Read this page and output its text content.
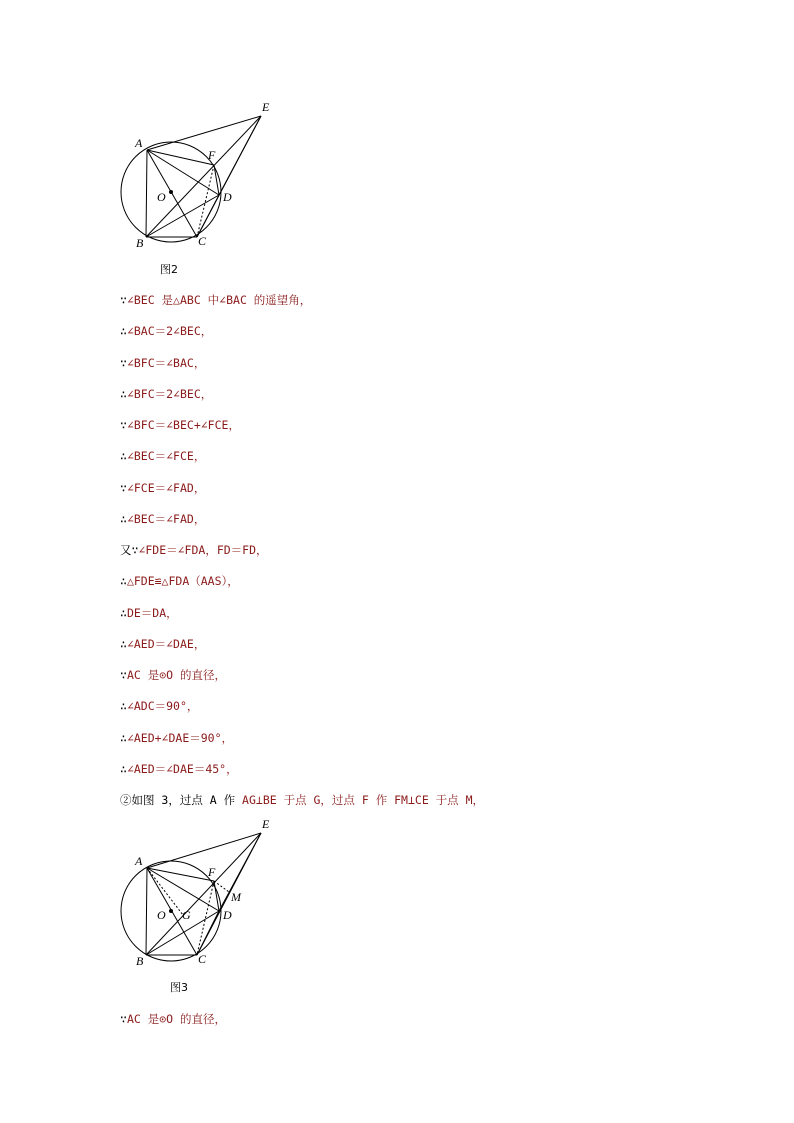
A
B	C
D
E
F
O
图2
∵∠BEC 是△ABC 中∠BAC 的遥望角，
∴∠BAC＝2∠BEC，
∵∠BFC＝∠BAC，
∴∠BFC＝2∠BEC，
∵∠BFC＝∠BEC+∠FCE，
∴∠BEC＝∠FCE，
∵∠FCE＝∠FAD，
∴∠BEC＝∠FAD，
又∵∠FDE＝∠FDA，FD＝FD，
∴△FDE≌△FDA（AAS），
∴DE＝DA，
∴∠AED＝∠DAE，
∵AC 是⊙O 的直径，
∴∠ADC＝90°，
∴∠AED+∠DAE＝90°，
∴∠AED＝∠DAE＝45°，
②如图 3，过点 A 作 AG⊥BE 于点 G，过点 F 作 FM⊥CE 于点 M，
A
B	C
D
E
F
O G
M
图3
∵AC 是⊙O 的直径，
